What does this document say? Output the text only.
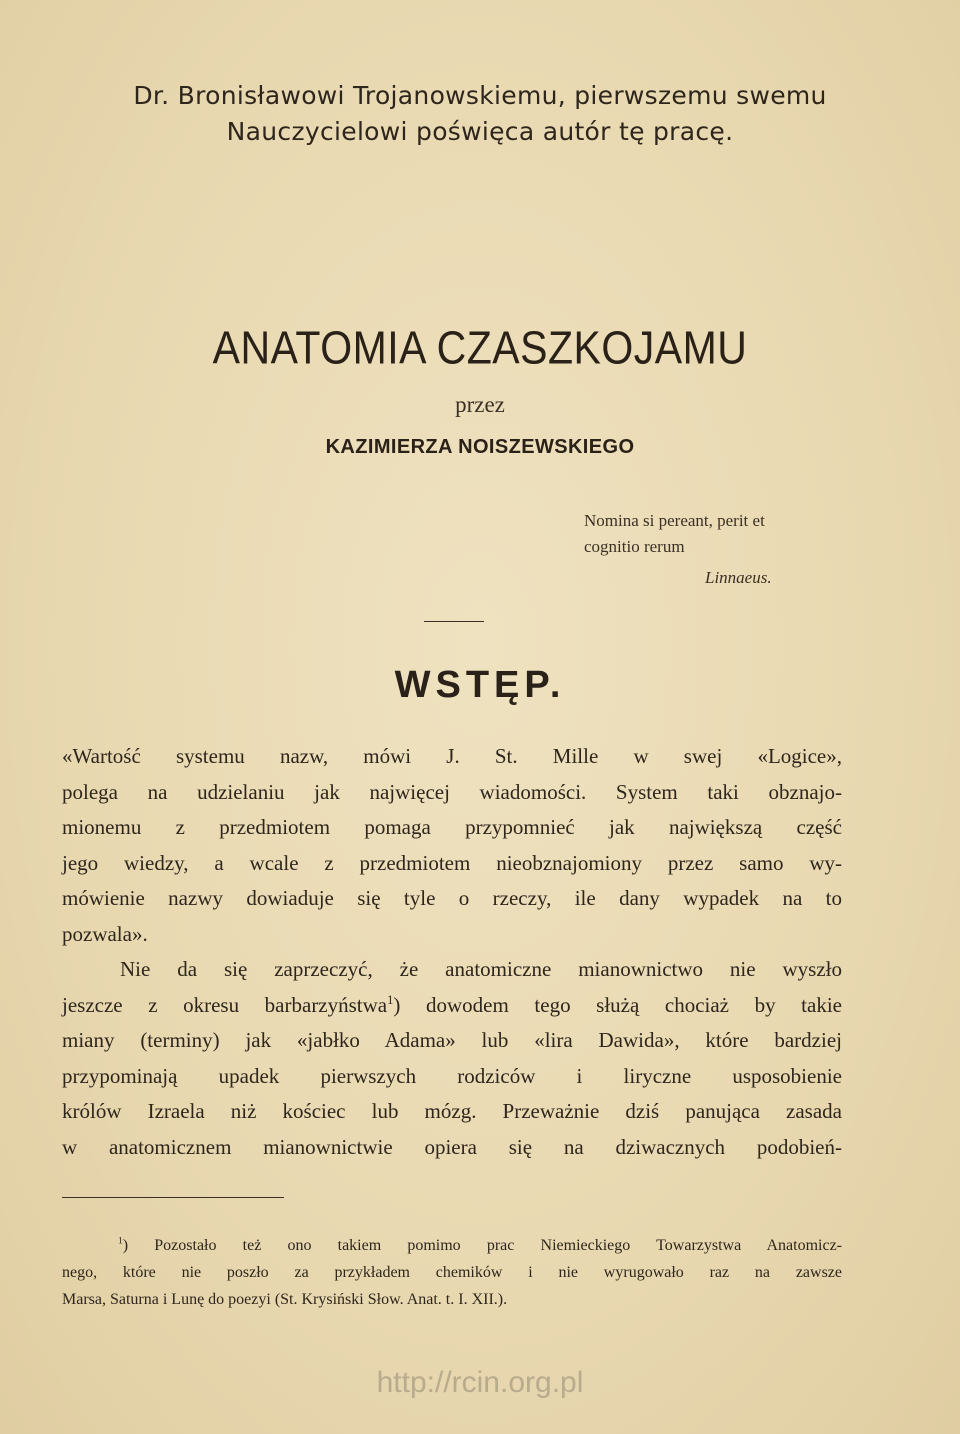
Dr. Bronisławowi Trojanowskiemu, pierwszemu swemu
Nauczycielowi poświęca autór tę pracę.
ANATOMIA CZASZKOJAMU
przez
KAZIMIERZA NOISZEWSKIEGO
Nomina si pereant, perit et
cognitio rerum
Linnaeus.
WSTĘP.
«Wartość systemu nazw, mówi J. St. Mille w swej «Logice»,
polega na udzielaniu jak najwięcej wiadomości. System taki obznajo-
mionemu z przedmiotem pomaga przypomnieć jak największą część
jego wiedzy, a wcale z przedmiotem nieobznajomiony przez samo wy-
mówienie nazwy dowiaduje się tyle o rzeczy, ile dany wypadek na to
pozwala».
Nie da się zaprzeczyć, że anatomiczne mianownictwo nie wyszło
jeszcze z okresu barbarzyństwa$^1$) dowodem tego służą chociaż by takie
miany (terminy) jak «jabłko Adama» lub «lira Dawida», które bardziej
przypominają upadek pierwszych rodziców i liryczne usposobienie
królów Izraela niż kościec lub mózg. Przeważnie dziś panująca zasada
w anatomicznem mianownictwie opiera się na dziwacznych podobień-
$^1$) Pozostało też ono takiem pomimo prac Niemieckiego Towarzystwa Anatomicz-
nego, które nie poszło za przykładem chemików i nie wyrugowało raz na zawsze
Marsa, Saturna i Lunę do poezyi (St. Krysiński Słow. Anat. t. I. XII.).
http://rcin.org.pl
